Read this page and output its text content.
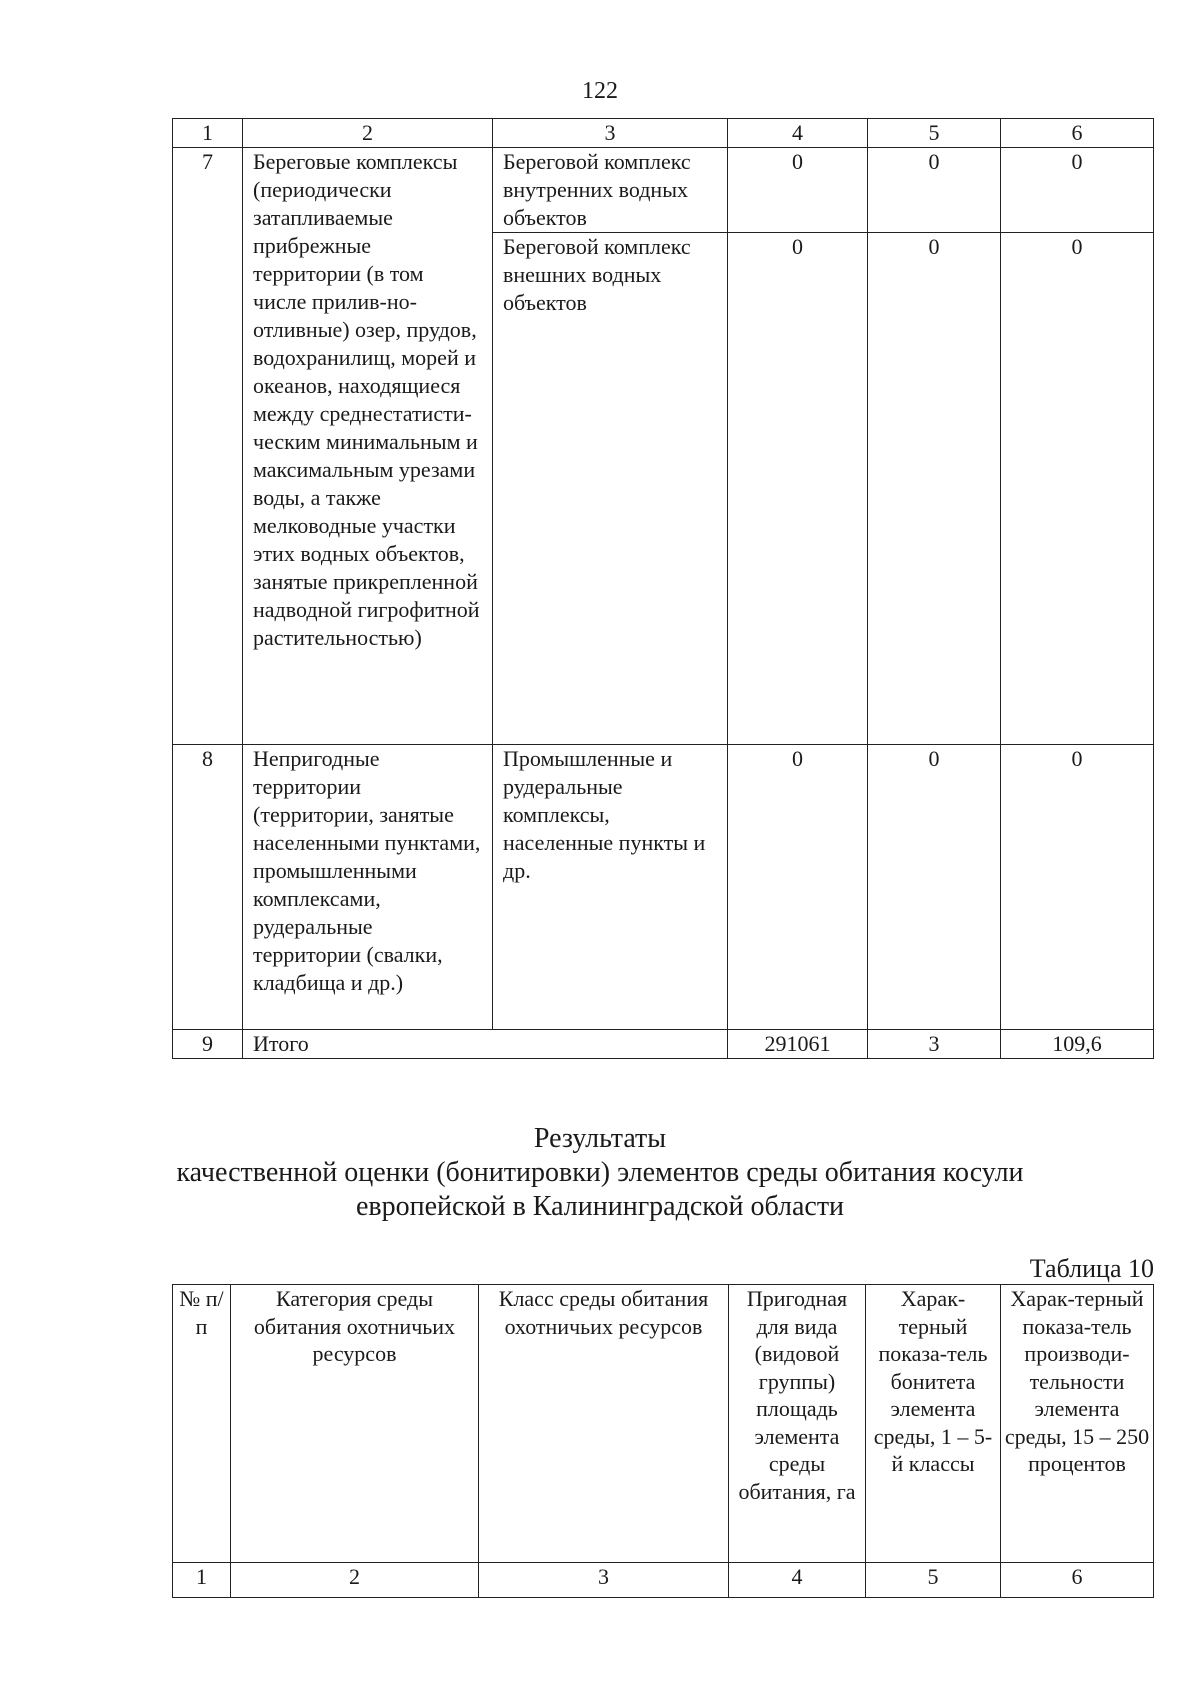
122
1	2	3	4	5	6
7	Береговые комплексы (периодически затапливаемые прибрежные территории (в том числе прилив-но-отливные) озер, прудов, водохранилищ, морей и океанов, находящиеся между среднестатисти-ческим минимальным и максимальным урезами воды, а также мелководные участки этих водных объектов, занятые прикрепленной надводной гигрофитной растительностью)	Береговой комплекс внутренних водных объектов	0	0	0
		Береговой комплекс внешних водных объектов	0	0	0
8	Непригодные территории (территории, занятые населенными пунктами, промышленными комплексами, рудеральные территории (свалки, кладбища и др.)	Промышленные и рудеральные комплексы, населенные пункты и др.	0	0	0
9	Итого		291061	3	109,6
Результаты
качественной оценки (бонитировки) элементов среды обитания косули
европейской в Калининградской области
Таблица 10
№ п/п	Категория среды обитания охотничьих ресурсов	Класс среды обитания охотничьих ресурсов	Пригодная для вида (видовой группы) площадь элемента среды обитания, га	Харак-терный показа-тель бонитета элемента среды, 1 – 5-й классы	Харак-терный показа-тель производи-тельности элемента среды, 15 – 250 процентов
1	2	3	4	5	6
